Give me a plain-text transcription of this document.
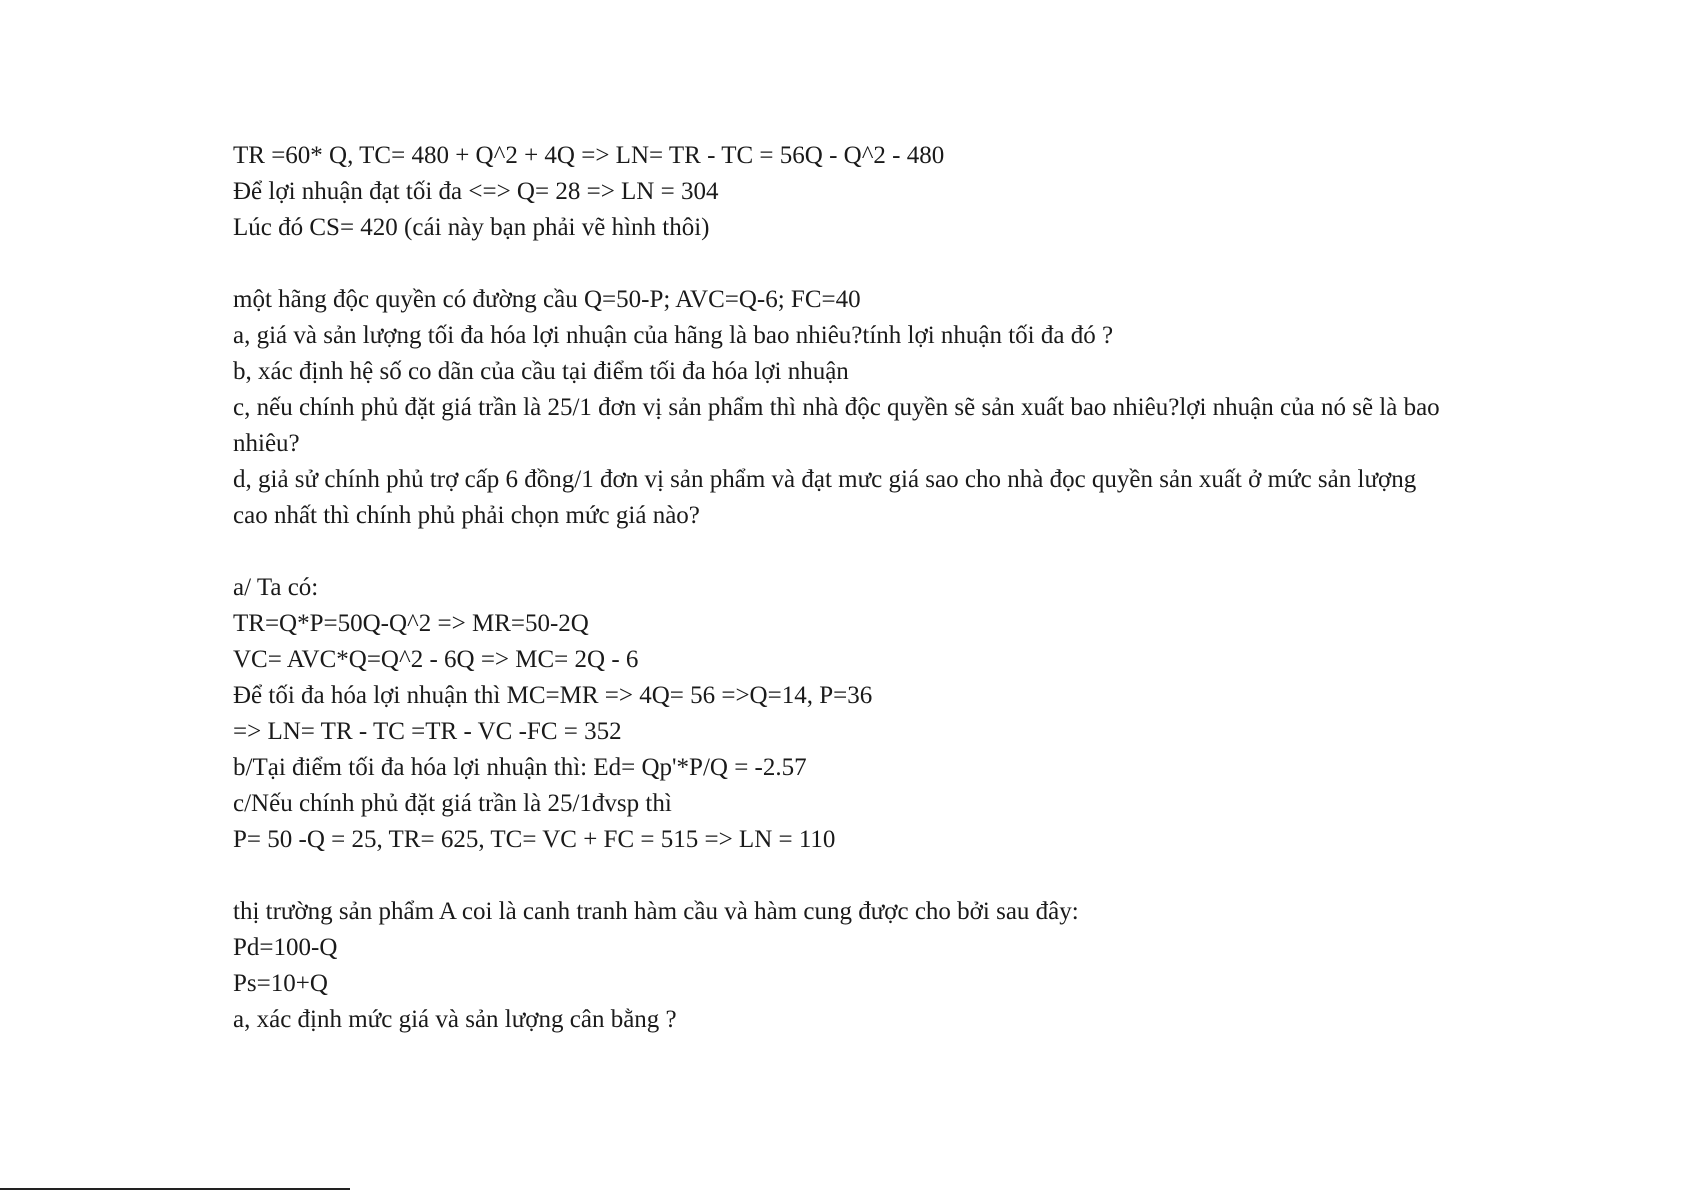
TR =60* Q, TC= 480 + Q^2 + 4Q => LN= TR - TC = 56Q - Q^2 - 480

Để lợi nhuận đạt tối đa <=> Q= 28 => LN = 304

Lúc đó CS= 420 (cái này bạn phải vẽ hình thôi)

một hãng độc quyền có đường cầu Q=50-P; AVC=Q-6; FC=40

a, giá và sản lượng tối đa hóa lợi nhuận của hãng là bao nhiêu?tính lợi nhuận tối đa đó ?

b, xác định hệ số co dãn của cầu tại điểm tối đa hóa lợi nhuận

c, nếu chính phủ đặt giá trần là 25/1 đơn vị sản phẩm thì nhà độc quyền sẽ sản xuất bao nhiêu?lợi nhuận của nó sẽ là bao nhiêu?

d, giả sử chính phủ trợ cấp 6 đồng/1 đơn vị sản phẩm và đạt mưc giá sao cho nhà đọc quyền sản xuất ở mức sản lượng cao nhất thì chính phủ phải chọn mức giá nào?

a/ Ta có:

TR=Q*P=50Q-Q^2 => MR=50-2Q

VC= AVC*Q=Q^2 - 6Q => MC= 2Q - 6

Để tối đa hóa lợi nhuận thì MC=MR => 4Q= 56 =>Q=14, P=36

=> LN= TR - TC =TR - VC -FC = 352

b/Tại điểm tối đa hóa lợi nhuận thì: Ed= Qp'*P/Q = -2.57

c/Nếu chính phủ đặt giá trần là 25/1đvsp thì

P= 50 -Q = 25, TR= 625, TC= VC + FC = 515 => LN = 110

thị trường sản phẩm A coi là canh tranh hàm cầu và hàm cung được cho bởi sau đây:

Pd=100-Q

Ps=10+Q

a, xác định mức giá và sản lượng cân bằng ?
